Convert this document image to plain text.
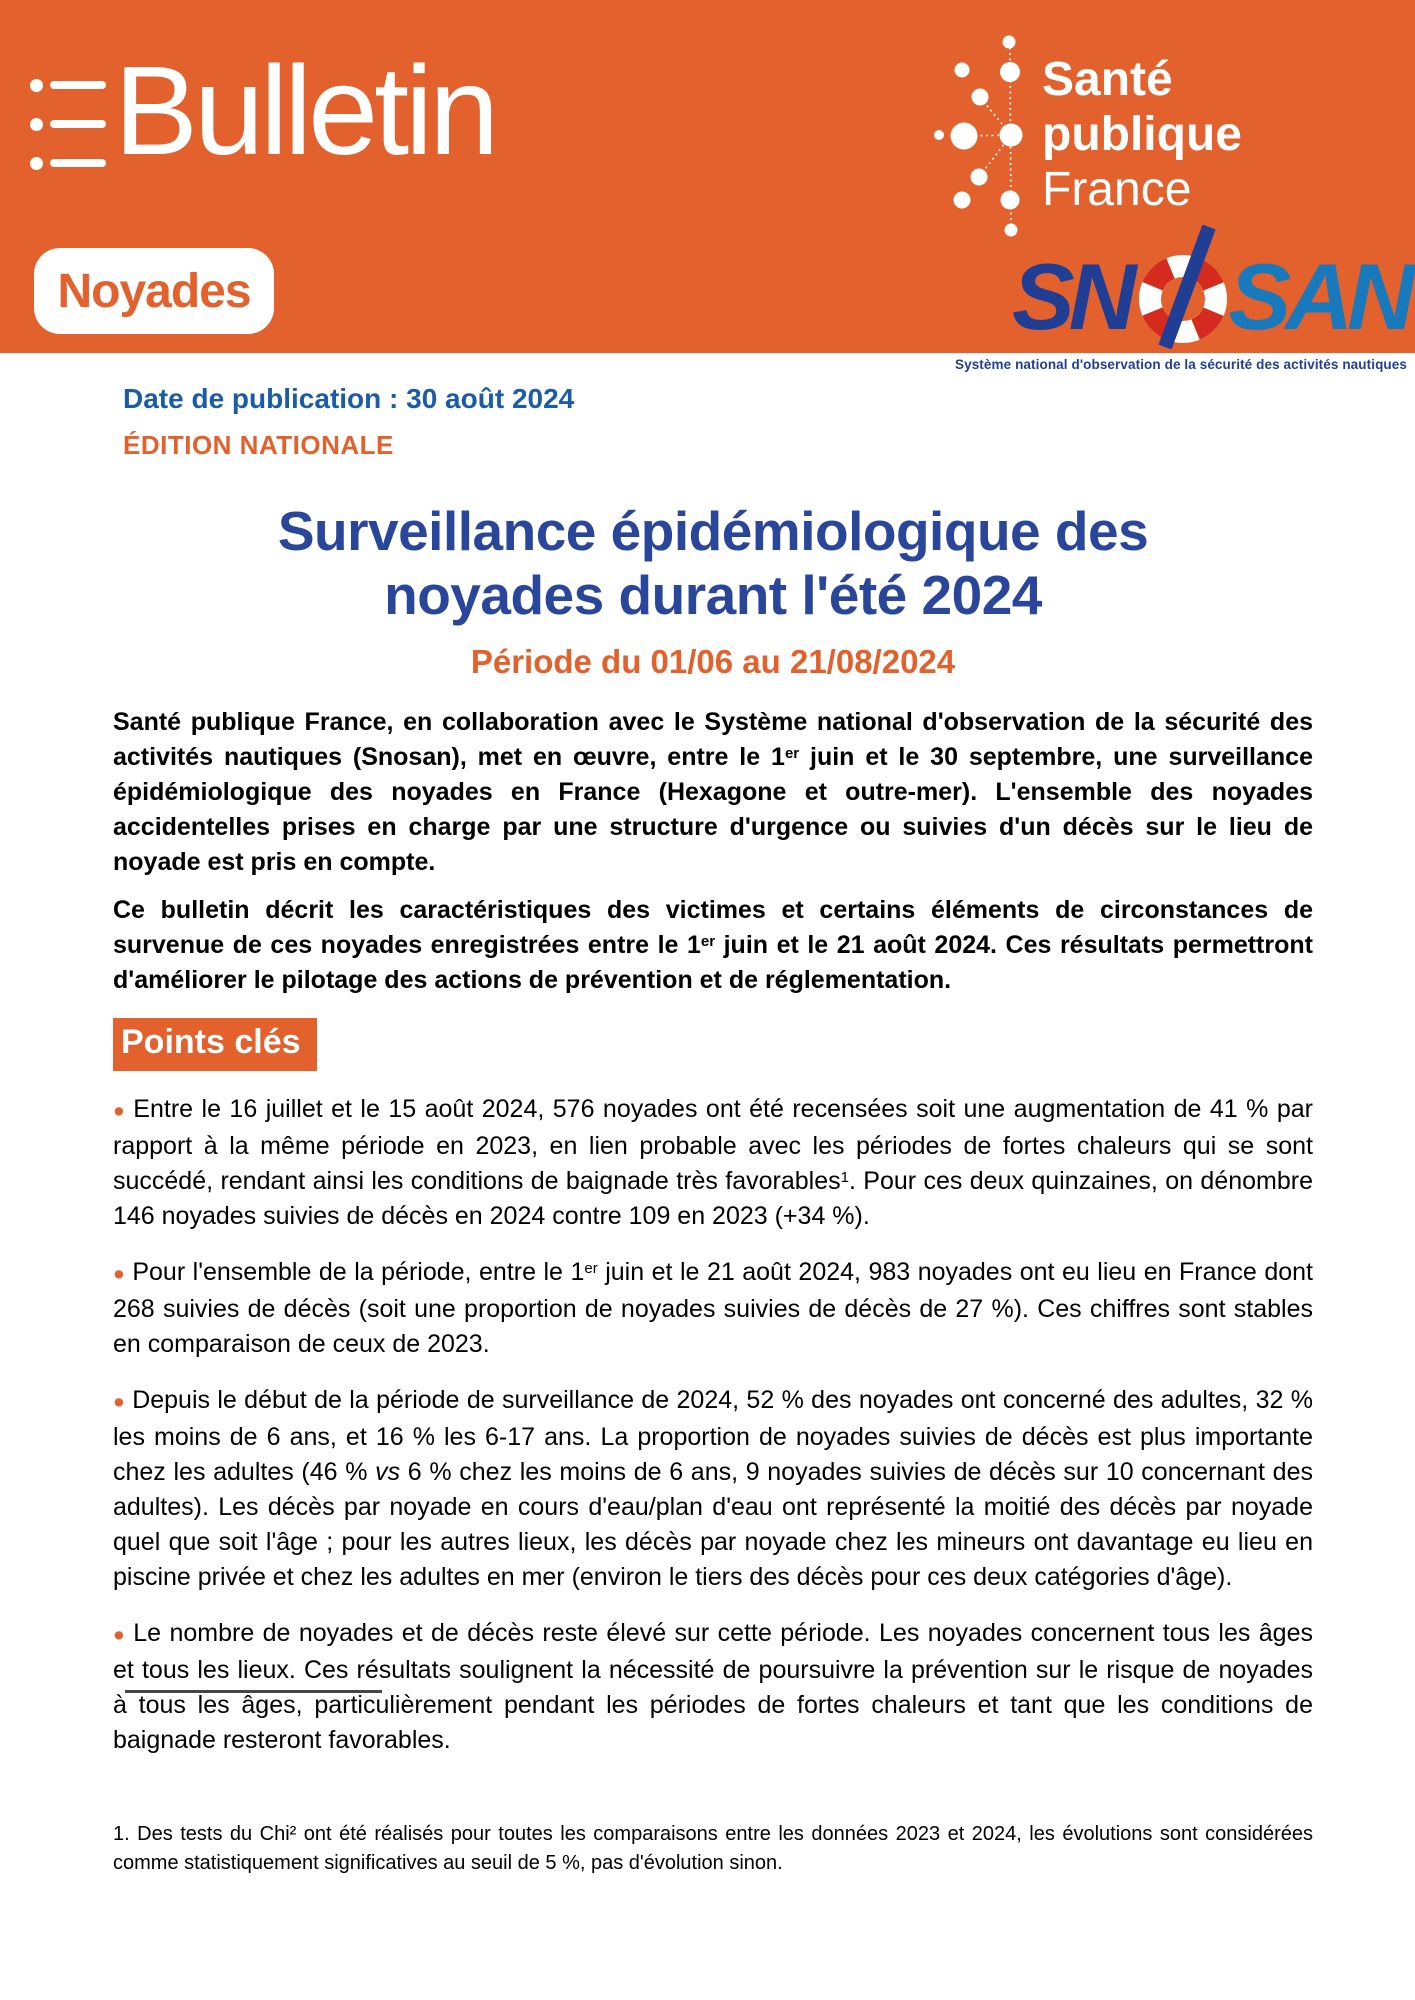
Bulletin	Santé
publique
France
Noyades	SN SAN
Système national d'observation de la sécurité des activités nautiques

Date de publication : 30 août 2024

ÉDITION NATIONALE

Surveillance épidémiologique des
noyades durant l'été 2024
Période du 01/06 au 21/08/2024

Santé publique France, en collaboration avec le Système national d'observation de la sécurité des activités nautiques (Snosan), met en œuvre, entre le 1er juin et le 30 septembre, une surveillance épidémiologique des noyades en France (Hexagone et outre-mer). L'ensemble des noyades accidentelles prises en charge par une structure d'urgence ou suivies d'un décès sur le lieu de noyade est pris en compte.

Ce bulletin décrit les caractéristiques des victimes et certains éléments de circonstances de survenue de ces noyades enregistrées entre le 1er juin et le 21 août 2024. Ces résultats permettront d'améliorer le pilotage des actions de prévention et de réglementation.

Points clés

● Entre le 16 juillet et le 15 août 2024, 576 noyades ont été recensées soit une augmentation de 41 % par rapport à la même période en 2023, en lien probable avec les périodes de fortes chaleurs qui se sont succédé, rendant ainsi les conditions de baignade très favorables$^1$. Pour ces deux quinzaines, on dénombre 146 noyades suivies de décès en 2024 contre 109 en 2023 (+34 %).

● Pour l'ensemble de la période, entre le 1er juin et le 21 août 2024, 983 noyades ont eu lieu en France dont 268 suivies de décès (soit une proportion de noyades suivies de décès de 27 %). Ces chiffres sont stables en comparaison de ceux de 2023.

● Depuis le début de la période de surveillance de 2024, 52 % des noyades ont concerné des adultes, 32 % les moins de 6 ans, et 16 % les 6-17 ans. La proportion de noyades suivies de décès est plus importante chez les adultes (46 % vs 6 % chez les moins de 6 ans, 9 noyades suivies de décès sur 10 concernant des adultes). Les décès par noyade en cours d'eau/plan d'eau ont représenté la moitié des décès par noyade quel que soit l'âge ; pour les autres lieux, les décès par noyade chez les mineurs ont davantage eu lieu en piscine privée et chez les adultes en mer (environ le tiers des décès pour ces deux catégories d'âge).

● Le nombre de noyades et de décès reste élevé sur cette période. Les noyades concernent tous les âges et tous les lieux. Ces résultats soulignent la nécessité de poursuivre la prévention sur le risque de noyades à tous les âges, particulièrement pendant les périodes de fortes chaleurs et tant que les conditions de baignade resteront favorables.

1. Des tests du Chi² ont été réalisés pour toutes les comparaisons entre les données 2023 et 2024, les évolutions sont considérées comme statistiquement significatives au seuil de 5 %, pas d'évolution sinon.
